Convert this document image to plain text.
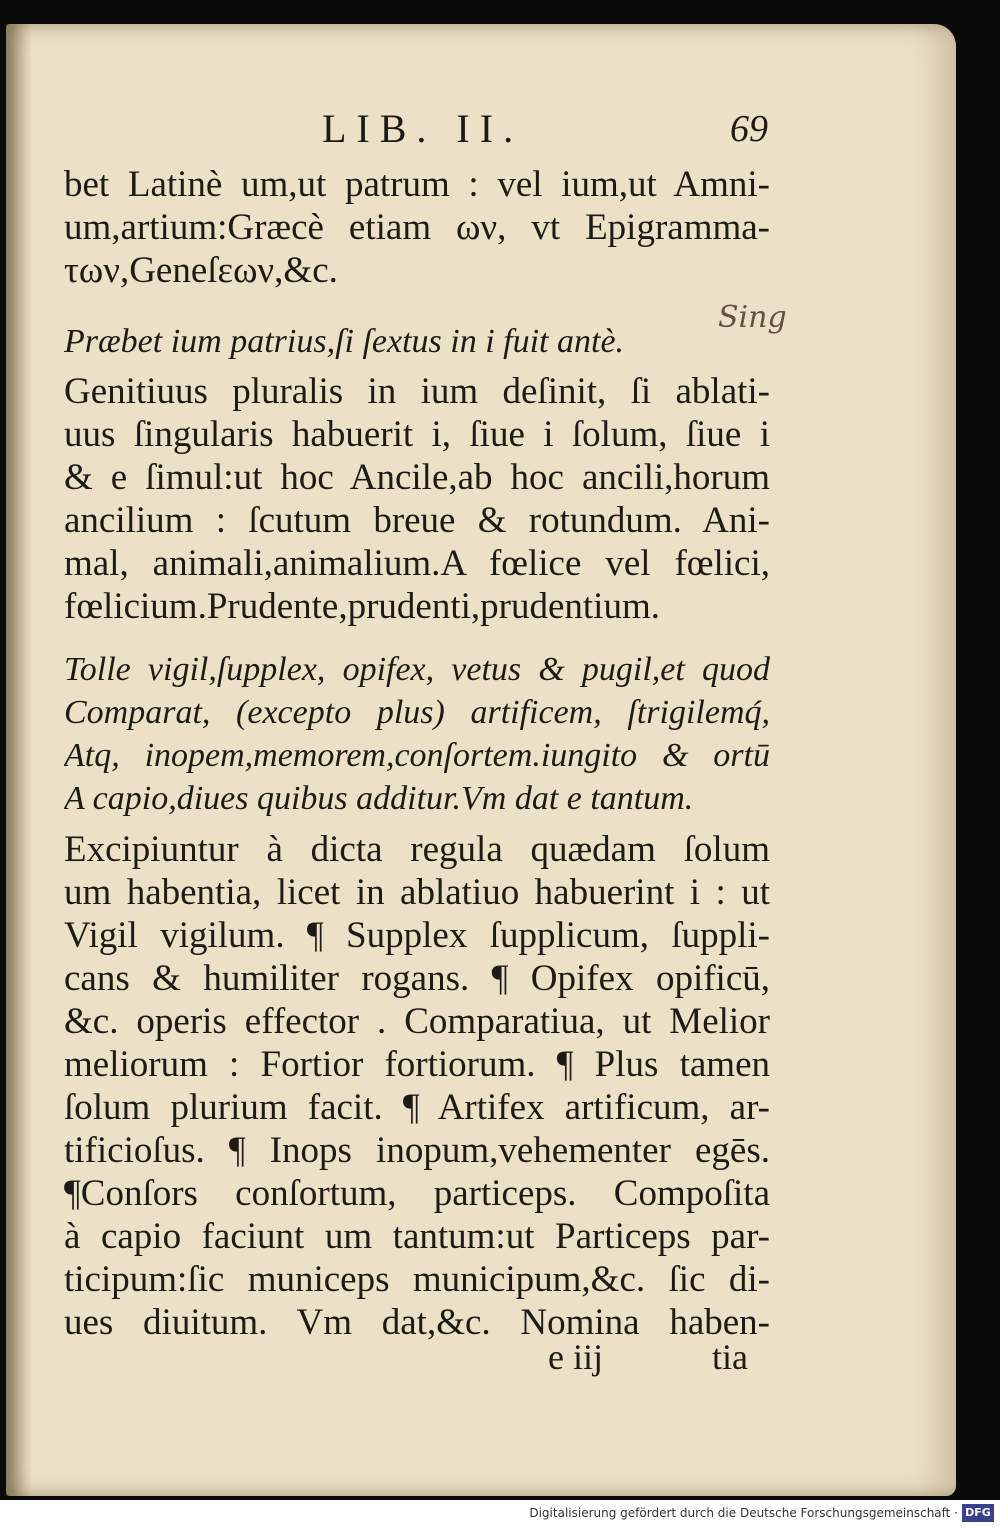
LIB. II.	69
bet Latinè um,ut patrum : vel ium,ut Amni-
um,artium:Græcè etiam ων, vt Epigramma-
των,Geneſεων,&c.
Præbet ium patrius,ſi ſextus in i fuit antè.
Sing
Genitiuus pluralis in ium deſinit, ſi ablati-
uus ſingularis habuerit i, ſiue i ſolum, ſiue i
& e ſimul:ut hoc Ancile,ab hoc ancili,horum
ancilium : ſcutum breue & rotundum. Ani-
mal, animali,animalium.A fœlice vel fœlici,
fœlicium.Prudente,prudenti,prudentium.
Tolle vigil,ſupplex, opifex, vetus & pugil,et quod
Comparat, (excepto plus) artificem, ſtrigilemq́,
Atq, inopem,memorem,conſortem.iungito & ortū
A capio,diues quibus additur.Vm dat e tantum.
Excipiuntur à dicta regula quædam ſolum
um habentia, licet in ablatiuo habuerint i : ut
Vigil vigilum. ¶ Supplex ſupplicum, ſuppli-
cans & humiliter rogans. ¶ Opifex opificū,
&c. operis effector . Comparatiua, ut Melior
meliorum : Fortior fortiorum. ¶ Plus tamen
ſolum plurium facit. ¶ Artifex artificum, ar-
tificioſus. ¶ Inops inopum,vehementer egēs.
¶Conſors conſortum, particeps. Compoſita
à capio faciunt um tantum:ut Particeps par-
ticipum:ſic municeps municipum,&c. ſic di-
ues diuitum. Vm dat,&c. Nomina haben-
e iij	tia
Digitalisierung gefördert durch die Deutsche Forschungsgemeinschaft · DFG
